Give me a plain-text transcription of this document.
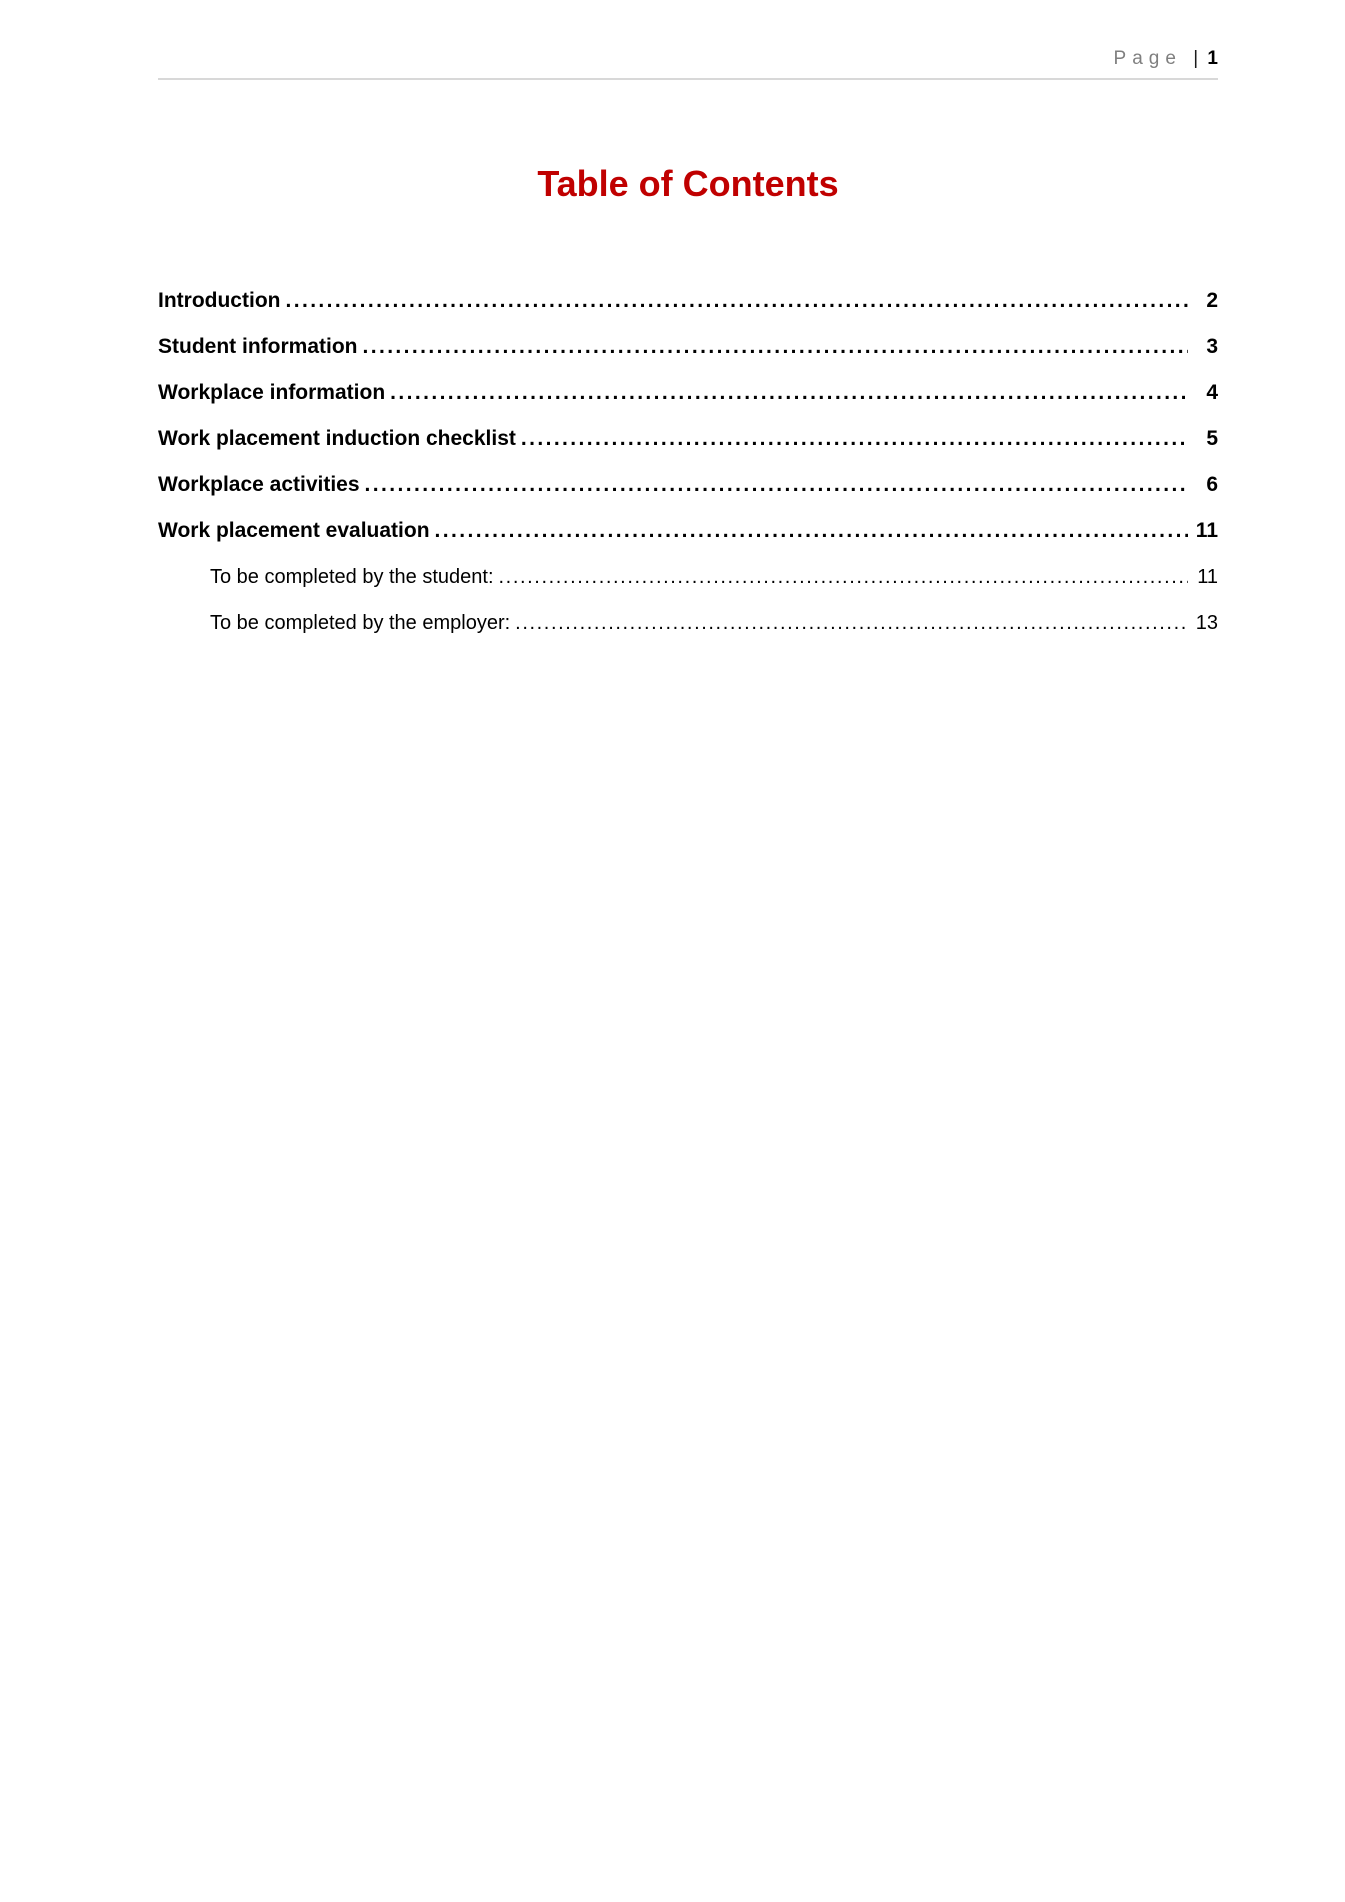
Page | 1
Table of Contents
Introduction .....	2
Student information .....	3
Workplace information .....	4
Work placement induction checklist .....	5
Workplace activities .....	6
Work placement evaluation .....	11
To be completed by the student: .....	11
To be completed by the employer: .....	13
